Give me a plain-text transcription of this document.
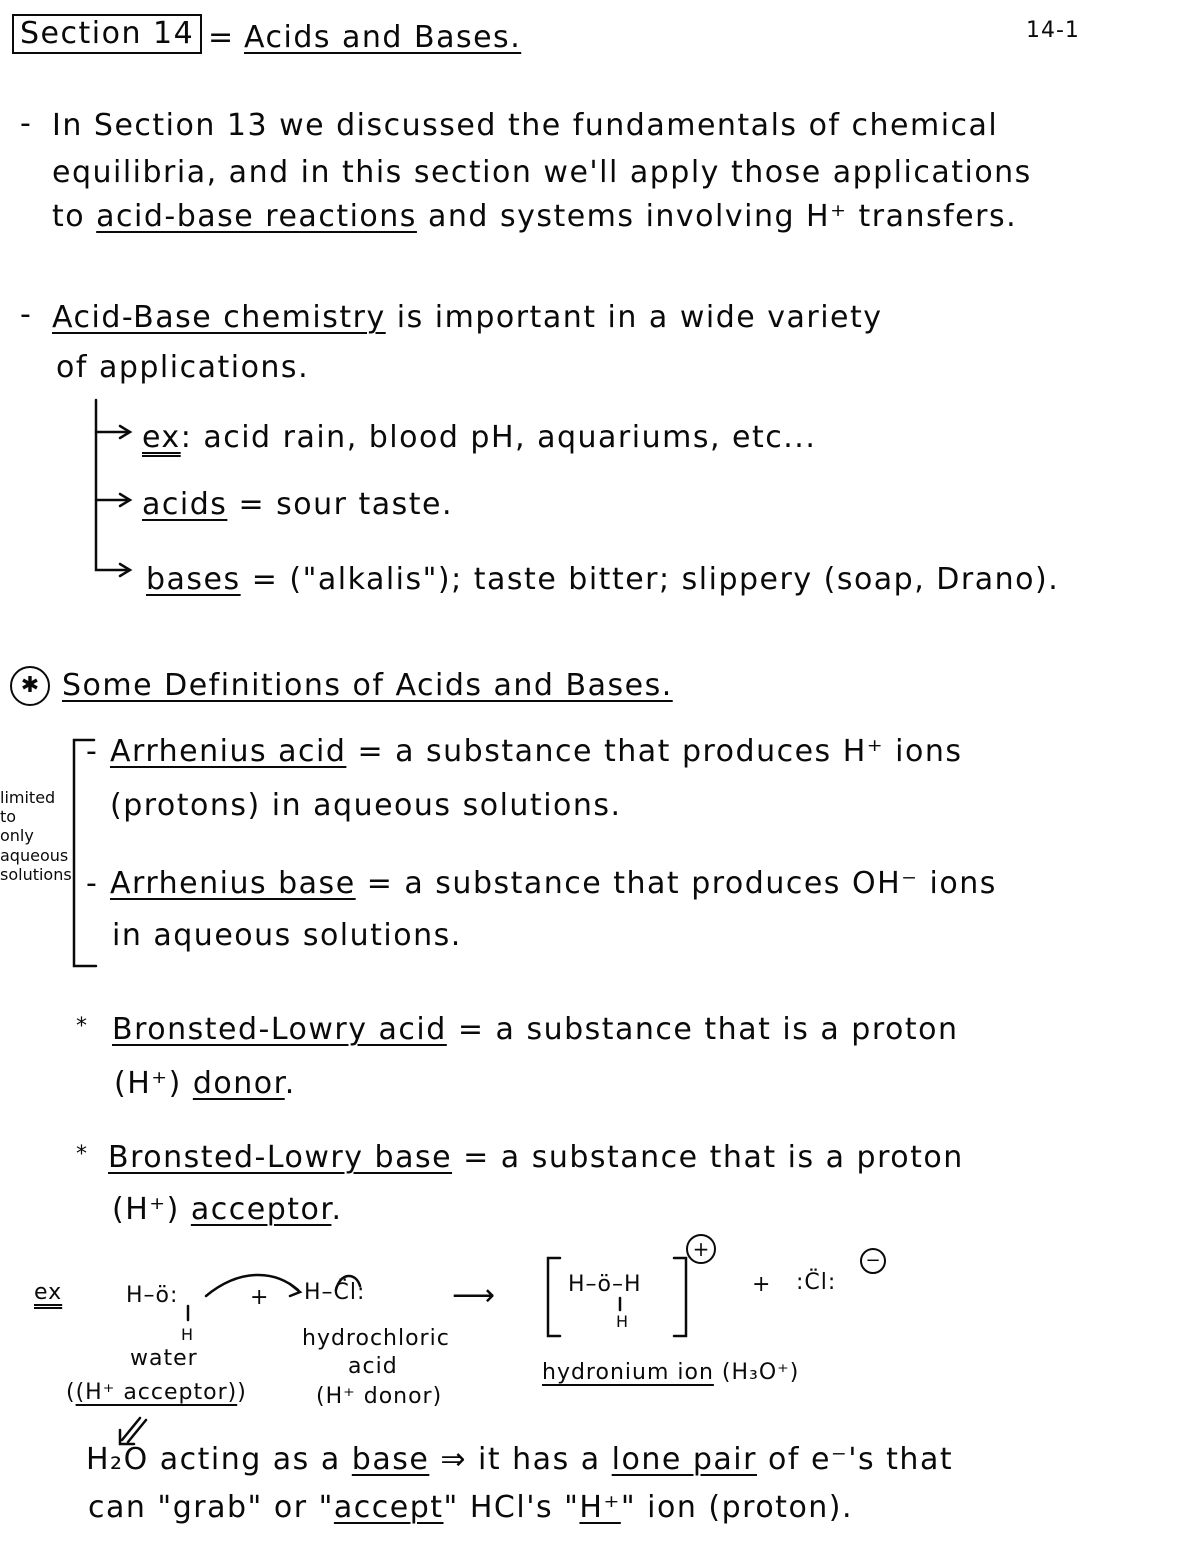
Section 14 = Acids and Bases.	14-1
- In Section 13 we discussed the fundamentals of chemical
equilibria, and in this section we'll apply those applications
to acid-base reactions and systems involving H⁺ transfers.
- Acid-Base chemistry is important in a wide variety
of applications.
ex: acid rain, blood pH, aquariums, etc...
acids = sour taste.
bases = ("alkalis"); taste bitter; slippery (soap, Drano).
✱ Some Definitions of Acids and Bases.
limited
to
only
aqueous
solutions
- Arrhenius acid = a substance that produces H⁺ ions
(protons) in aqueous solutions.
- Arrhenius base = a substance that produces OH⁻ ions
in aqueous solutions.
* Bronsted-Lowry acid = a substance that is a proton
(H⁺) donor.
* Bronsted-Lowry base = a substance that is a proton
(H⁺) acceptor.
ex	H–ö:
H
+ H–C̈l:	⟶	H–ö–H
H
+
+ :C̈l:
−
water
((H⁺ acceptor))
hydrochloric
acid
(H⁺ donor)
hydronium ion (H₃O⁺)
H₂O acting as a base ⇒ it has a lone pair of e⁻'s that
can "grab" or "accept" HCl's "H⁺" ion (proton).
